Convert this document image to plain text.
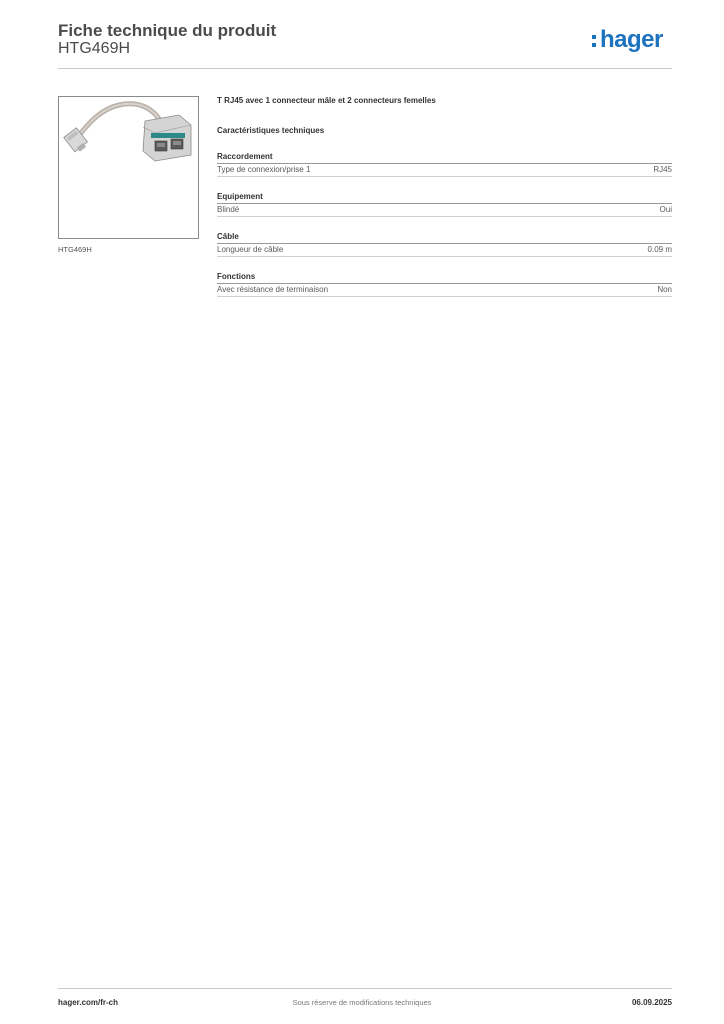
Fiche technique du produit
HTG469H	hager
HTG469H
T RJ45 avec 1 connecteur mâle et 2 connecteurs femelles
Caractéristiques techniques
Raccordement
Type de connexion/prise 1	RJ45
Equipement
Blindé	Oui
Câble
Longueur de câble	0.09 m
Fonctions
Avec résistance de terminaison	Non
hager.com/fr-ch	Sous réserve de modifications techniques	06.09.2025
